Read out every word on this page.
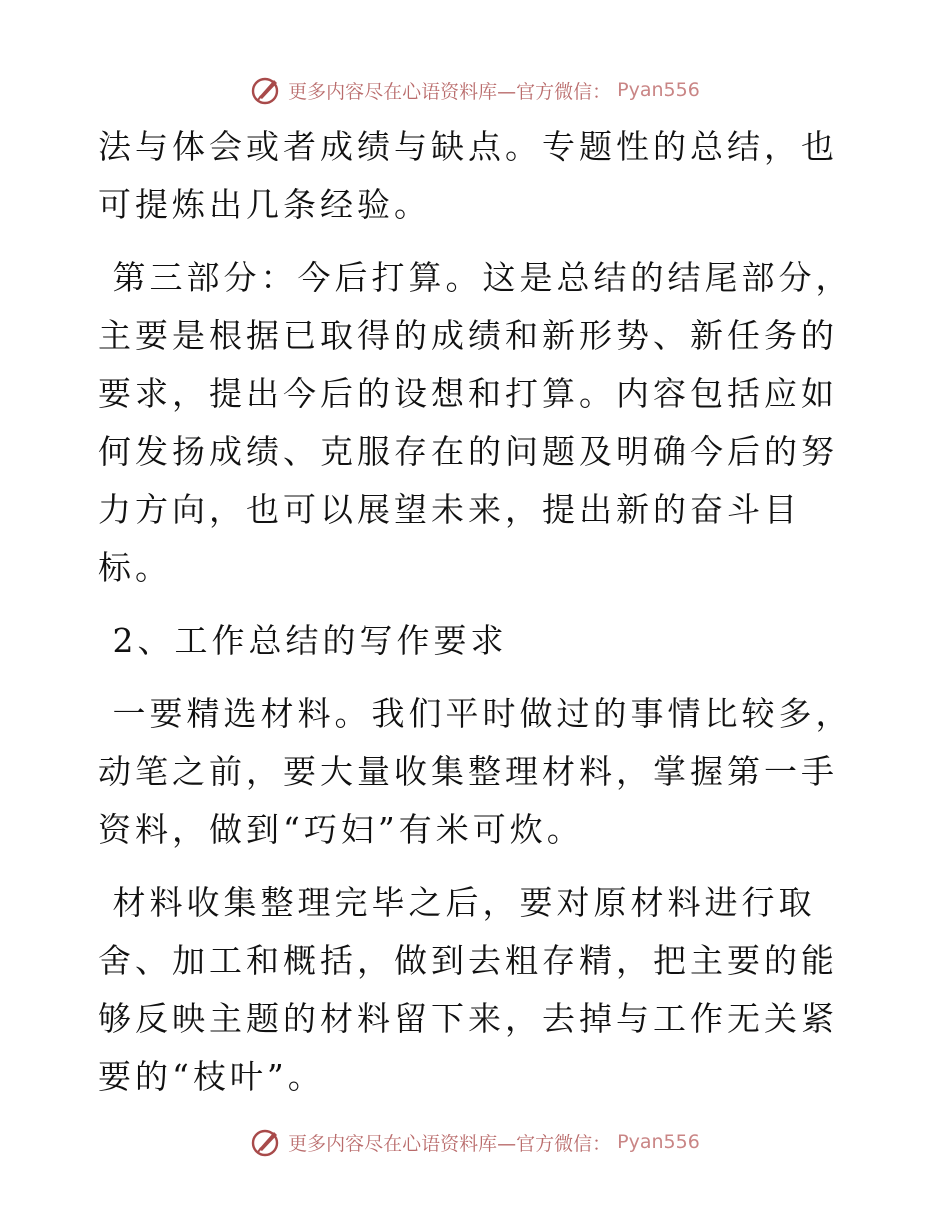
更多内容尽在心语资料库—官方微信： Pyan556

法与体会或者成绩与缺点。专题性的总结，也可提炼出几条经验。

第三部分：今后打算。这是总结的结尾部分，主要是根据已取得的成绩和新形势、新任务的要求，提出今后的设想和打算。内容包括应如何发扬成绩、克服存在的问题及明确今后的努力方向，也可以展望未来，提出新的奋斗目标。

2、工作总结的写作要求

一要精选材料。我们平时做过的事情比较多，动笔之前，要大量收集整理材料，掌握第一手资料，做到“巧妇”有米可炊。

材料收集整理完毕之后，要对原材料进行取舍、加工和概括，做到去粗存精，把主要的能够反映主题的材料留下来，去掉与工作无关紧要的“枝叶”。

更多内容尽在心语资料库—官方微信： Pyan556
